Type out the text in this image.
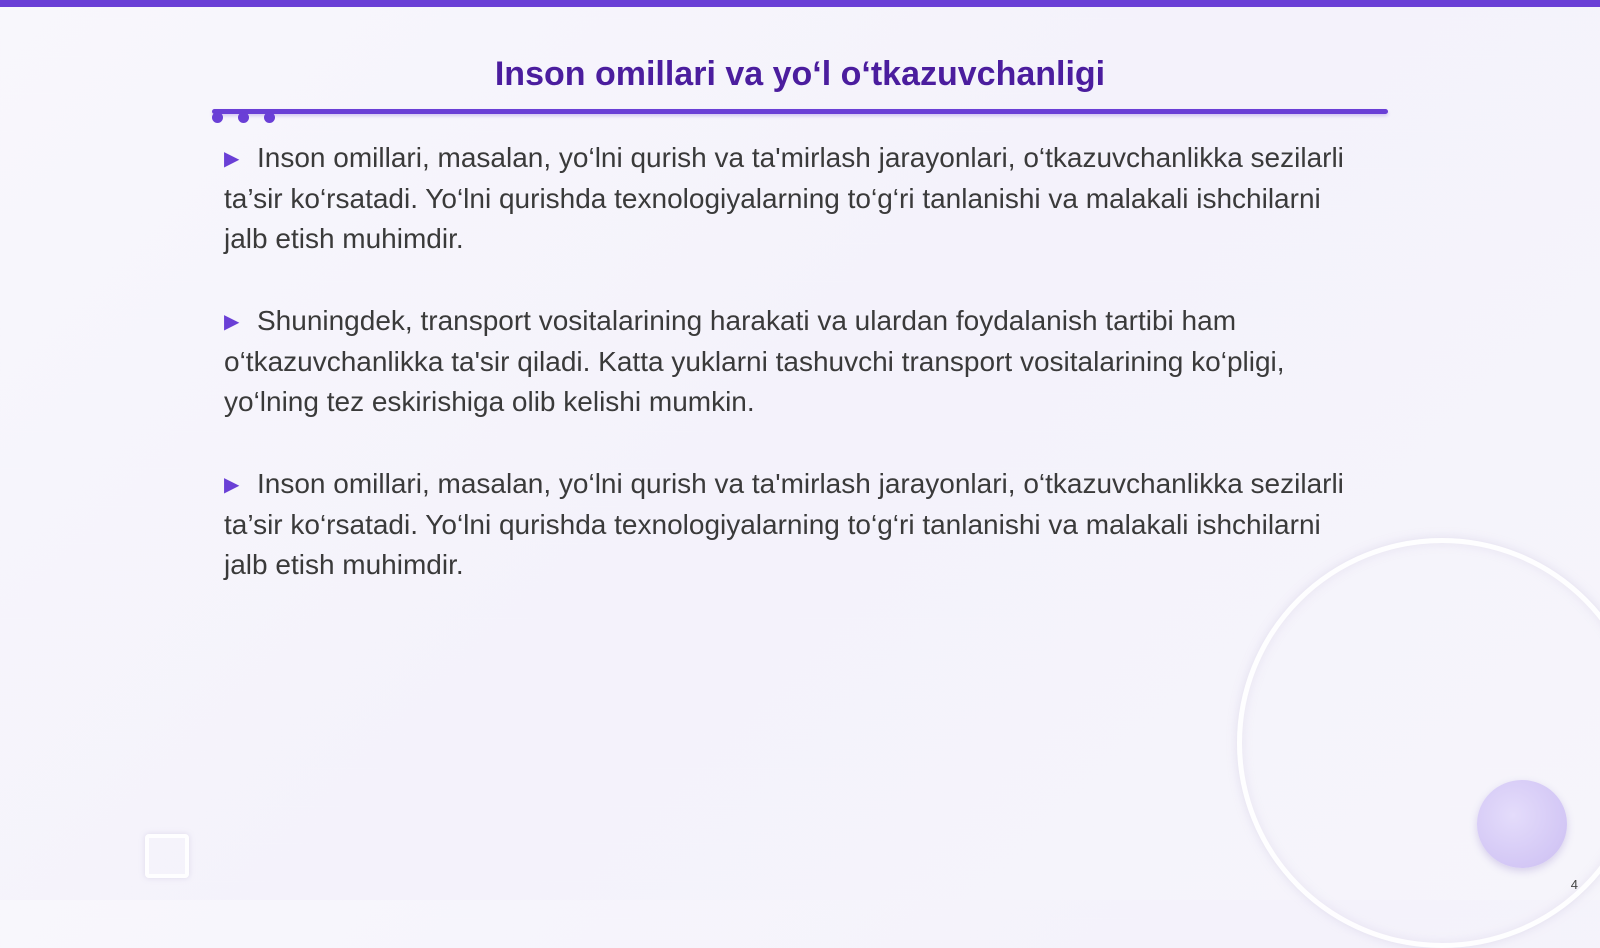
Inson omillari va yo‘l o‘tkazuvchanligi
▶ Inson omillari, masalan, yo‘lni qurish va ta'mirlash jarayonlari, o‘tkazuvchanlikka sezilarli ta’sir ko‘rsatadi. Yo‘lni qurishda texnologiyalarning to‘g‘ri tanlanishi va malakali ishchilarni jalb etish muhimdir.
▶ Shuningdek, transport vositalarining harakati va ulardan foydalanish tartibi ham o‘tkazuvchanlikka ta'sir qiladi. Katta yuklarni tashuvchi transport vositalarining ko‘pligi, yo‘lning tez eskirishiga olib kelishi mumkin.
▶ Inson omillari, masalan, yo‘lni qurish va ta'mirlash jarayonlari, o‘tkazuvchanlikka sezilarli ta’sir ko‘rsatadi. Yo‘lni qurishda texnologiyalarning to‘g‘ri tanlanishi va malakali ishchilarni jalb etish muhimdir.
4
